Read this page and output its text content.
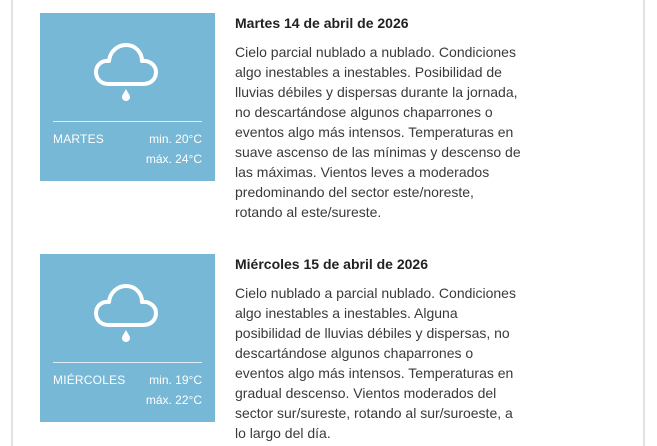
MARTES	min. 20°C
máx. 24°C
Martes 14 de abril de 2026
Cielo parcial nublado a nublado. Condiciones algo inestables a inestables. Posibilidad de lluvias débiles y dispersas durante la jornada, no descartándose algunos chaparrones o eventos algo más intensos. Temperaturas en suave ascenso de las mínimas y descenso de las máximas. Vientos leves a moderados predominando del sector este/noreste, rotando al este/sureste.
MIÉRCOLES min. 19°C
máx. 22°C
Miércoles 15 de abril de 2026
Cielo nublado a parcial nublado. Condiciones algo inestables a inestables. Alguna posibilidad de lluvias débiles y dispersas, no descartándose algunos chaparrones o eventos algo más intensos. Temperaturas en gradual descenso. Vientos moderados del sector sur/sureste, rotando al sur/suroeste, a lo largo del día.
